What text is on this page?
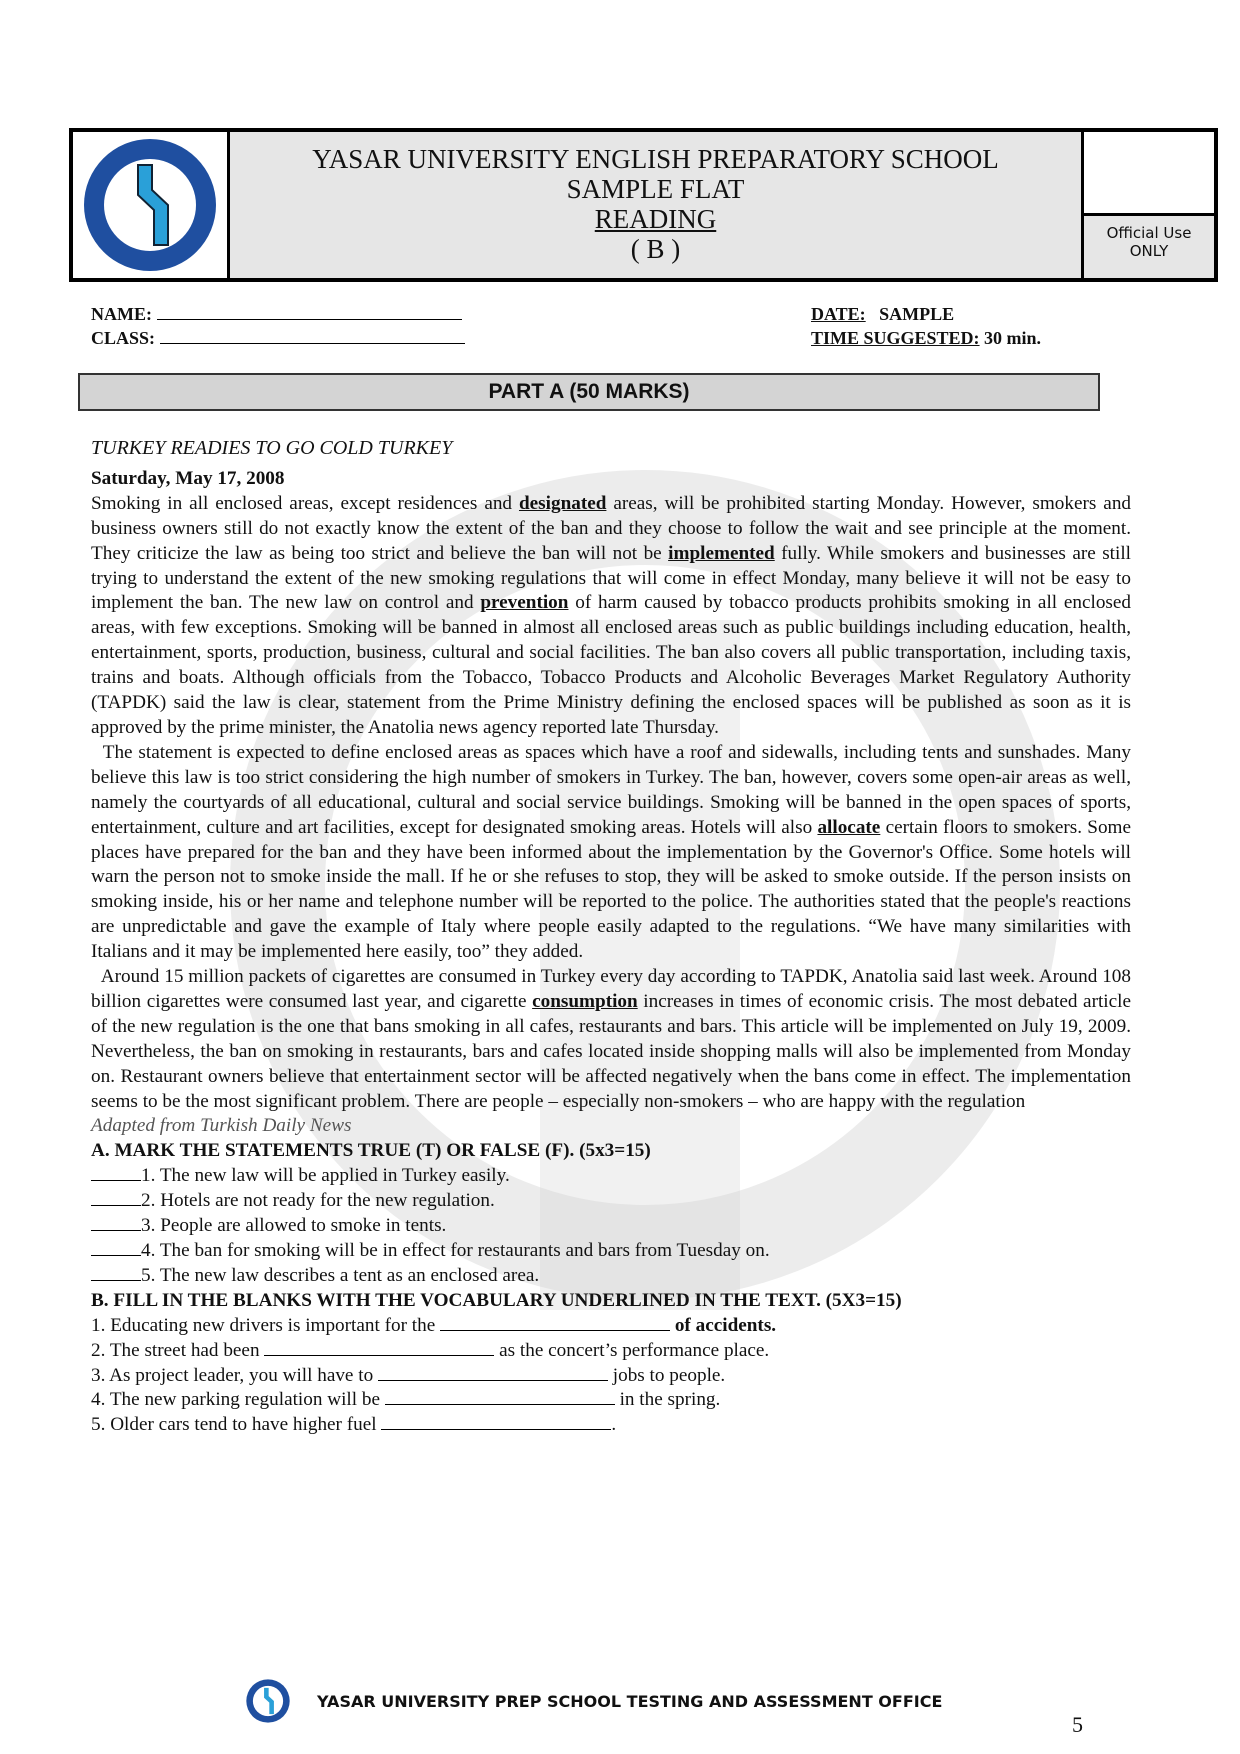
YASAR UNIVERSITY ENGLISH PREPARATORY SCHOOL
SAMPLE FLAT
READING
( B )
Official Use
ONLY
NAME:
CLASS:
DATE: SAMPLE
TIME SUGGESTED: 30 min.
PART A (50 MARKS)
TURKEY READIES TO GO COLD TURKEY
Saturday, May 17, 2008

Smoking in all enclosed areas, except residences and designated areas, will be prohibited starting Monday. However, smokers and business owners still do not exactly know the extent of the ban and they choose to follow the wait and see principle at the moment. They criticize the law as being too strict and believe the ban will not be implemented fully. While smokers and businesses are still trying to understand the extent of the new smoking regulations that will come in effect Monday, many believe it will not be easy to implement the ban. The new law on control and prevention of harm caused by tobacco products prohibits smoking in all enclosed areas, with few exceptions. Smoking will be banned in almost all enclosed areas such as public buildings including education, health, entertainment, sports, production, business, cultural and social facilities. The ban also covers all public transportation, including taxis, trains and boats. Although officials from the Tobacco, Tobacco Products and Alcoholic Beverages Market Regulatory Authority (TAPDK) said the law is clear, statement from the Prime Ministry defining the enclosed spaces will be published as soon as it is approved by the prime minister, the Anatolia news agency reported late Thursday.

The statement is expected to define enclosed areas as spaces which have a roof and sidewalls, including tents and sunshades. Many believe this law is too strict considering the high number of smokers in Turkey. The ban, however, covers some open-air areas as well, namely the courtyards of all educational, cultural and social service buildings. Smoking will be banned in the open spaces of sports, entertainment, culture and art facilities, except for designated smoking areas. Hotels will also allocate certain floors to smokers. Some places have prepared for the ban and they have been informed about the implementation by the Governor's Office. Some hotels will warn the person not to smoke inside the mall. If he or she refuses to stop, they will be asked to smoke outside. If the person insists on smoking inside, his or her name and telephone number will be reported to the police. The authorities stated that the people's reactions are unpredictable and gave the example of Italy where people easily adapted to the regulations. “We have many similarities with Italians and it may be implemented here easily, too” they added.

Around 15 million packets of cigarettes are consumed in Turkey every day according to TAPDK, Anatolia said last week. Around 108 billion cigarettes were consumed last year, and cigarette consumption increases in times of economic crisis. The most debated article of the new regulation is the one that bans smoking in all cafes, restaurants and bars. This article will be implemented on July 19, 2009. Nevertheless, the ban on smoking in restaurants, bars and cafes located inside shopping malls will also be implemented from Monday on. Restaurant owners believe that entertainment sector will be affected negatively when the bans come in effect. The implementation seems to be the most significant problem. There are people – especially non-smokers – who are happy with the regulation

Adapted from Turkish Daily News
A. MARK THE STATEMENTS TRUE (T) OR FALSE (F). (5x3=15)
1. The new law will be applied in Turkey easily.
2. Hotels are not ready for the new regulation.
3. People are allowed to smoke in tents.
4. The ban for smoking will be in effect for restaurants and bars from Tuesday on.
5. The new law describes a tent as an enclosed area.
B. FILL IN THE BLANKS WITH THE VOCABULARY UNDERLINED IN THE TEXT. (5X3=15)
1. Educating new drivers is important for the	of accidents.
2. The street had been	as the concert’s performance place.
3. As project leader, you will have to	jobs to people.
4. The new parking regulation will be	in the spring.
5. Older cars tend to have higher fuel	.
YASAR UNIVERSITY PREP SCHOOL TESTING AND ASSESSMENT OFFICE
5
